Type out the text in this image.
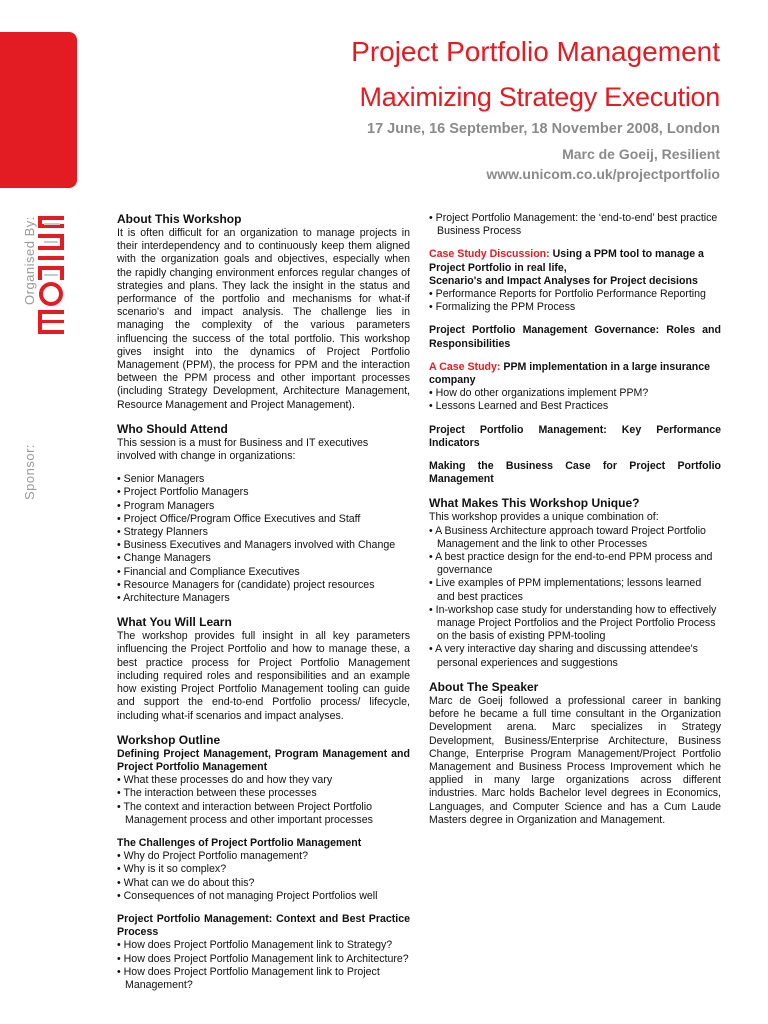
Project Portfolio Management
Maximizing Strategy Execution
17 June, 16 September, 18 November 2008, London
Marc de Goeij, Resilient
www.unicom.co.uk/projectportfolio
Organised By:
Sponsor:
About This Workshop

It is often difficult for an organization to manage projects in their interdependency and to continuously keep them aligned with the organization goals and objectives, especially when the rapidly changing environment enforces regular changes of strategies and plans. They lack the insight in the status and performance of the portfolio and mechanisms for what-if scenario's and impact analysis. The challenge lies in managing the complexity of the various parameters influencing the success of the total portfolio. This workshop gives insight into the dynamics of Project Portfolio Management (PPM), the process for PPM and the interaction between the PPM process and other important processes (including Strategy Development, Architecture Management, Resource Management and Project Management).

Who Should Attend

This session is a must for Business and IT executives involved with change in organizations:

• Senior Managers
• Project Portfolio Managers
• Program Managers
• Project Office/Program Office Executives and Staff
• Strategy Planners
• Business Executives and Managers involved with Change
• Change Managers
• Financial and Compliance Executives
• Resource Managers for (candidate) project resources
• Architecture Managers
What You Will Learn

The workshop provides full insight in all key parameters influencing the Project Portfolio and how to manage these, a best practice process for Project Portfolio Management including required roles and responsibilities and an example how existing Project Portfolio Management tooling can guide and support the end-to-end Portfolio process/ lifecycle, including what-if scenarios and impact analyses.

Workshop Outline

Defining Project Management, Program Management and Project Portfolio Management

• What these processes do and how they vary
• The interaction between these processes
• The context and interaction between Project Portfolio Management process and other important processes

The Challenges of Project Portfolio Management

• Why do Project Portfolio management?
• Why is it so complex?
• What can we do about this?
• Consequences of not managing Project Portfolios well

Project Portfolio Management: Context and Best Practice Process

• How does Project Portfolio Management link to Strategy?
• How does Project Portfolio Management link to Architecture?
• How does Project Portfolio Management link to Project Management?
• Project Portfolio Management: the ‘end-to-end’ best practice Business Process

Case Study Discussion: Using a PPM tool to manage a Project Portfolio in real life,

Scenario's and Impact Analyses for Project decisions

• Performance Reports for Portfolio Performance Reporting
• Formalizing the PPM Process

Project Portfolio Management Governance: Roles and Responsibilities

A Case Study: PPM implementation in a large insurance company

• How do other organizations implement PPM?
• Lessons Learned and Best Practices

Project Portfolio Management: Key Performance Indicators

Making the Business Case for Project Portfolio Management

What Makes This Workshop Unique?

This workshop provides a unique combination of:

• A Business Architecture approach toward Project Portfolio Management and the link to other Processes
• A best practice design for the end-to-end PPM process and governance
• Live examples of PPM implementations; lessons learned and best practices
• In-workshop case study for understanding how to effectively manage Project Portfolios and the Project Portfolio Process on the basis of existing PPM-tooling
• A very interactive day sharing and discussing attendee's personal experiences and suggestions
About The Speaker

Marc de Goeij followed a professional career in banking before he became a full time consultant in the Organization Development arena. Marc specializes in Strategy Development, Business/Enterprise Architecture, Business Change, Enterprise Program Management/Project Portfolio Management and Business Process Improvement which he applied in many large organizations across different industries. Marc holds Bachelor level degrees in Economics, Languages, and Computer Science and has a Cum Laude Masters degree in Organization and Management.
